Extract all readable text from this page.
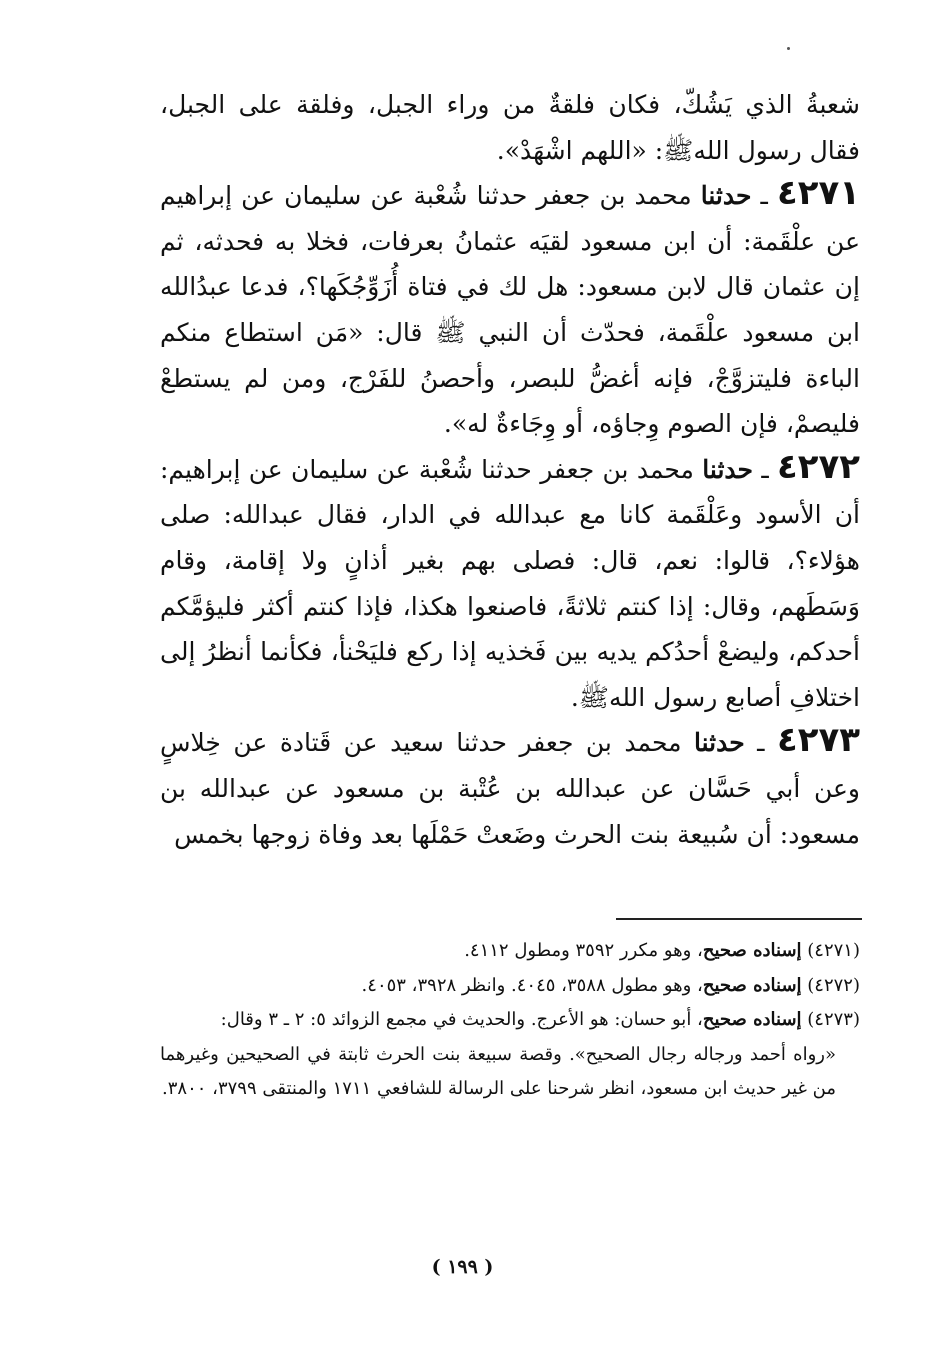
شعبةُ الذي يَشُكّ، فكان فلقةٌ من وراء الجبل، وفلقة على الجبل، فقال رسول اللهﷺ: «اللهم اشْهَدْ».

٤٢٧١ ـ حدثنا محمد بن جعفر حدثنا شُعْبة عن سليمان عن إبراهيم عن علْقَمة: أن ابن مسعود لقيَه عثمانُ بعرفات، فخلا به فحدثه، ثم إن عثمان قال لابن مسعود: هل لك في فتاة أُزَوِّجُكَها؟، فدعا عبدُالله ابن مسعود علْقَمة، فحدّث أن النبي ﷺ قال: «مَن استطاع منكم الباءة فليتزوَّجْ، فإنه أغضُّ للبصر، وأحصنُ للفَرْج، ومن لم يستطعْ فليصمْ، فإن الصوم وِجاؤه، أو وِجَاءةٌ له».

٤٢٧٢ ـ حدثنا محمد بن جعفر حدثنا شُعْبة عن سليمان عن إبراهيم: أن الأسود وعَلْقَمة كانا مع عبدالله في الدار، فقال عبدالله: صلى هؤلاء؟، قالوا: نعم، قال: فصلى بهم بغير أذانٍ ولا إقامة، وقام وَسَطَهم، وقال: إذا كنتم ثلاثةً، فاصنعوا هكذا، فإذا كنتم أكثر فليؤمَّكم أحدكم، وليضعْ أحدُكم يديه بين فَخذيه إذا ركع فليَحْنأ، فكأنما أنظرُ إلى اختلافِ أصابع رسول اللهﷺ.

٤٢٧٣ ـ حدثنا محمد بن جعفر حدثنا سعيد عن قَتادة عن خِلاسٍ وعن أبي حَسَّان عن عبدالله بن عُتْبة بن مسعود عن عبدالله بن مسعود: أن سُبيعة بنت الحرث وضَعتْ حَمْلَها بعد وفاة زوجها بخمس

(٤٢٧١) إسناده صحيح، وهو مكرر ٣٥٩٢ ومطول ٤١١٢.

(٤٢٧٢) إسناده صحيح، وهو مطول ٣٥٨٨، ٤٠٤٥. وانظر ٣٩٢٨، ٤٠٥٣.

(٤٢٧٣) إسناده صحيح، أبو حسان: هو الأعرج. والحديث في مجمع الزوائد ٥: ٢ ـ ٣ وقال:

«رواه أحمد ورجاله رجال الصحيح». وقصة سبيعة بنت الحرث ثابتة في الصحيحين وغيرهما من غير حديث ابن مسعود، انظر شرحنا على الرسالة للشافعي ١٧١١ والمنتقى ٣٧٩٩، ٣٨٠٠.

( ١٩٩ )
